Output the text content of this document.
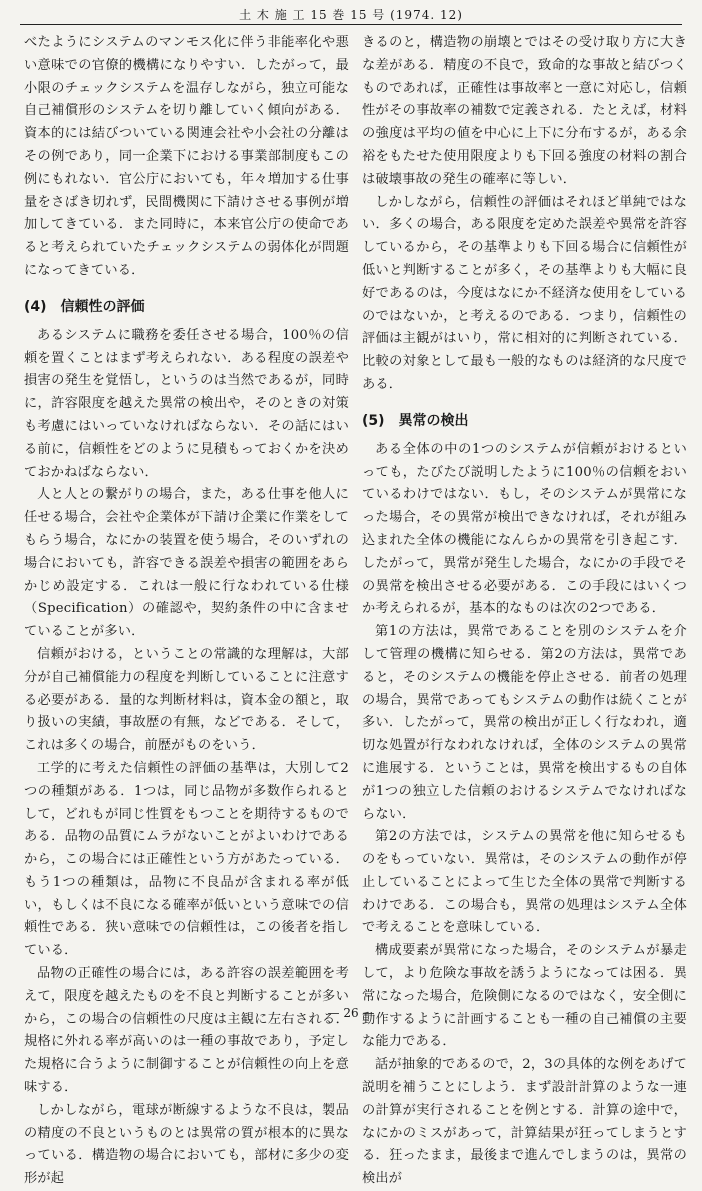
土 木 施 工 15 巻 15 号 (1974. 12)

べたようにシステムのマンモス化に伴う非能率化や悪い意味での官僚的機構になりやすい．したがって，最小限のチェックシステムを温存しながら，独立可能な自己補償形のシステムを切り離していく傾向がある．資本的には結びついている関連会社や小会社の分離はその例であり，同一企業下における事業部制度もこの例にもれない．官公庁においても，年々増加する仕事量をさばき切れず，民間機関に下請けさせる事例が増加してきている．また同時に，本来官公庁の使命であると考えられていたチェックシステムの弱体化が問題になってきている．

(4)　信頼性の評価

あるシステムに職務を委任させる場合，100％の信頼を置くことはまず考えられない．ある程度の誤差や損害の発生を覚悟し，というのは当然であるが，同時に，許容限度を越えた異常の検出や，そのときの対策も考慮にはいっていなければならない．その話にはいる前に，信頼性をどのように見積もっておくかを決めておかねばならない．

人と人との繋がりの場合，また，ある仕事を他人に任せる場合，会社や企業体が下請け企業に作業をしてもらう場合，なにかの装置を使う場合，そのいずれの場合においても，許容できる誤差や損害の範囲をあらかじめ設定する．これは一般に行なわれている仕様（Specification）の確認や，契約条件の中に含ませていることが多い．

信頼がおける，ということの常識的な理解は，大部分が自己補償能力の程度を判断していることに注意する必要がある．量的な判断材料は，資本金の額と，取り扱いの実績，事故歴の有無，などである．そして，これは多くの場合，前歴がものをいう．

工学的に考えた信頼性の評価の基準は，大別して2つの種類がある．1つは，同じ品物が多数作られるとして，どれもが同じ性質をもつことを期待するものである．品物の品質にムラがないことがよいわけであるから，この場合には正確性という方があたっている．もう1つの種類は，品物に不良品が含まれる率が低い，もしくは不良になる確率が低いという意味での信頼性である．狭い意味での信頼性は，この後者を指している．

品物の正確性の場合には，ある許容の誤差範囲を考えて，限度を越えたものを不良と判断することが多いから，この場合の信頼性の尺度は主観に左右される．規格に外れる率が高いのは一種の事故であり，予定した規格に合うように制御することが信頼性の向上を意味する．

しかしながら，電球が断線するような不良は，製品の精度の不良というものとは異常の質が根本的に異なっている．構造物の場合においても，部材に多少の変形が起

きるのと，構造物の崩壊とではその受け取り方に大きな差がある．精度の不良で，致命的な事故と結びつくものであれば，正確性は事故率と一意に対応し，信頼性がその事故率の補数で定義される．たとえば，材料の強度は平均の値を中心に上下に分布するが，ある余裕をもたせた使用限度よりも下回る強度の材料の割合は破壊事故の発生の確率に等しい．

しかしながら，信頼性の評価はそれほど単純ではない．多くの場合，ある限度を定めた誤差や異常を許容しているから，その基準よりも下回る場合に信頼性が低いと判断することが多く，その基準よりも大幅に良好であるのは，今度はなにか不経済な使用をしているのではないか，と考えるのである．つまり，信頼性の評価は主観がはいり，常に相対的に判断されている．比較の対象として最も一般的なものは経済的な尺度である．

(5)　異常の検出

ある全体の中の1つのシステムが信頼がおけるといっても，たびたび説明したように100％の信頼をおいているわけではない．もし，そのシステムが異常になった場合，その異常が検出できなければ，それが組み込まれた全体の機能になんらかの異常を引き起こす．したがって，異常が発生した場合，なにかの手段でその異常を検出させる必要がある．この手段にはいくつか考えられるが，基本的なものは次の2つである．

第1の方法は，異常であることを別のシステムを介して管理の機構に知らせる．第2の方法は，異常であると，そのシステムの機能を停止させる．前者の処理の場合，異常であってもシステムの動作は続くことが多い．したがって，異常の検出が正しく行なわれ，適切な処置が行なわれなければ，全体のシステムの異常に進展する．ということは，異常を検出するもの自体が1つの独立した信頼のおけるシステムでなければならない．

第2の方法では，システムの異常を他に知らせるものをもっていない．異常は，そのシステムの動作が停止していることによって生じた全体の異常で判断するわけである．この場合も，異常の処理はシステム全体で考えることを意味している．

構成要素が異常になった場合，そのシステムが暴走して，より危険な事故を誘うようになっては困る．異常になった場合，危険側になるのではなく，安全側に動作するように計画することも一種の自己補償の主要な能力である．

話が抽象的であるので，2，3の具体的な例をあげて説明を補うことにしよう．まず設計計算のような一連の計算が実行されることを例とする．計算の途中で，なにかのミスがあって，計算結果が狂ってしまうとする．狂ったまま，最後まで進んでしまうのは，異常の検出が

— 26 —
